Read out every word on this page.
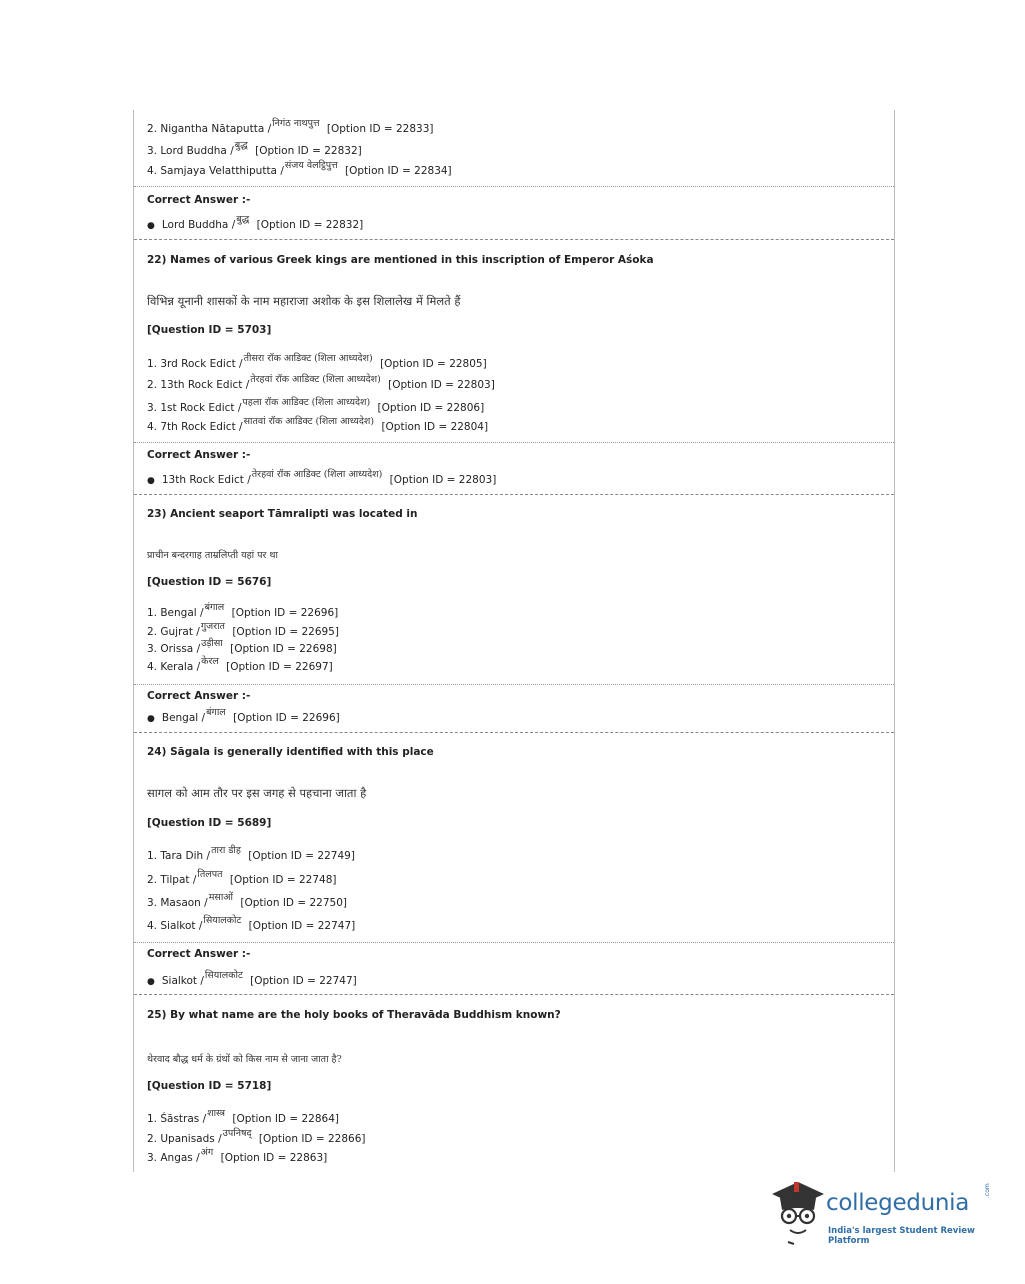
2. Nigantha Nātaputta /निगंठ नाथपुत्त [Option ID = 22833]
3. Lord Buddha /बुद्ध [Option ID = 22832]
4. Samjaya Velatthiputta /संजय वेलट्ठिपुत्त [Option ID = 22834]
Correct Answer :-
● Lord Buddha /बुद्ध [Option ID = 22832]
22) Names of various Greek kings are mentioned in this inscription of Emperor Aśoka
विभिन्न यूनानी शासकों के नाम महाराजा अशोक के इस शिलालेख में मिलते हैं
[Question ID = 5703]
1. 3rd Rock Edict /तीसरा रॉक आडिक्ट (शिला आध्यदेश) [Option ID = 22805]
2. 13th Rock Edict /तेरहवां रॉक आडिक्ट (शिला आध्यदेश) [Option ID = 22803]
3. 1st Rock Edict /पहला रॉक आडिक्ट (शिला आध्यदेश) [Option ID = 22806]
4. 7th Rock Edict /सातवां रॉक आडिक्ट (शिला आध्यदेश) [Option ID = 22804]
Correct Answer :-
● 13th Rock Edict /तेरहवां रॉक आडिक्ट (शिला आध्यदेश) [Option ID = 22803]
23) Ancient seaport Tāmralipti was located in
प्राचीन बन्दरगाह ताम्रलिप्ती यहां पर था
[Question ID = 5676]
1. Bengal /बंगाल [Option ID = 22696]
2. Gujrat /गुजरात [Option ID = 22695]
3. Orissa /उड़ीसा [Option ID = 22698]
4. Kerala /केरल [Option ID = 22697]
Correct Answer :-
● Bengal /बंगाल [Option ID = 22696]
24) Sāgala is generally identified with this place
सागल को आम तौर पर इस जगह से पहचाना जाता है
[Question ID = 5689]
1. Tara Dih /तारा डीह [Option ID = 22749]
2. Tilpat /तिलपत [Option ID = 22748]
3. Masaon /मसाओं [Option ID = 22750]
4. Sialkot /सियालकोट [Option ID = 22747]
Correct Answer :-
● Sialkot /सियालकोट [Option ID = 22747]
25) By what name are the holy books of Theravāda Buddhism known?
थेरवाद बौद्ध धर्म के ग्रंथों को किस नाम से जाना जाता है?
[Question ID = 5718]
1. Śāstras /शास्त्र [Option ID = 22864]
2. Upanisads /उपनिषद् [Option ID = 22866]
3. Angas /अंग [Option ID = 22863]
collegedunia .com
India's largest Student Review Platform
